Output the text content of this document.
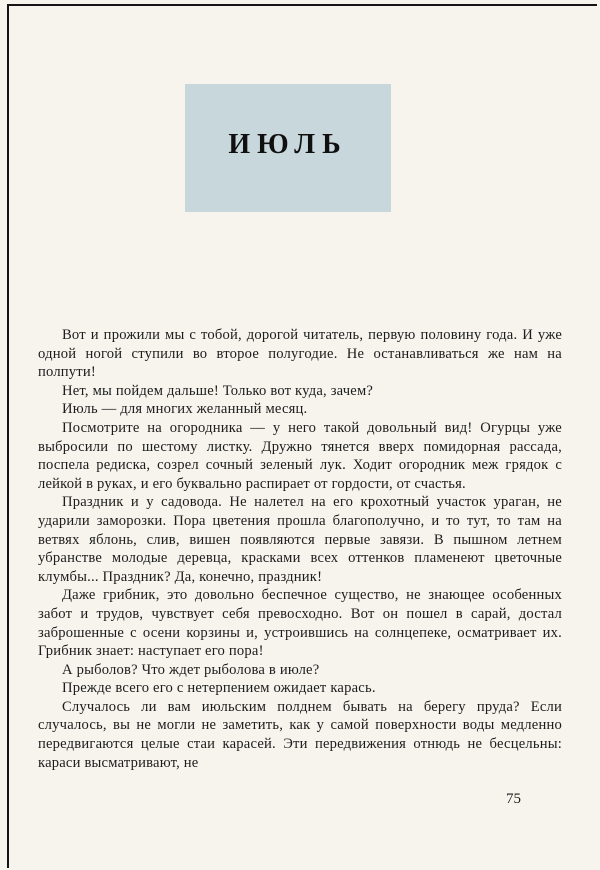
ИЮЛЬ

Вот и прожили мы с тобой, дорогой читатель, первую половину года. И уже одной ногой ступили во второе полугодие. Не останавливаться же нам на полпути!

Нет, мы пойдем дальше! Только вот куда, зачем?

Июль — для многих желанный месяц.

Посмотрите на огородника — у него такой довольный вид! Огурцы уже выбросили по шестому листку. Дружно тянется вверх помидорная рассада, поспела редиска, созрел сочный зеленый лук. Ходит огородник меж грядок с лейкой в руках, и его буквально распирает от гордости, от счастья.

Праздник и у садовода. Не налетел на его крохотный участок ураган, не ударили заморозки. Пора цветения прошла благополучно, и то тут, то там на ветвях яблонь, слив, вишен появляются первые завязи. В пышном летнем убранстве молодые деревца, красками всех оттенков пламенеют цветочные клумбы... Праздник? Да, конечно, праздник!

Даже грибник, это довольно беспечное существо, не знающее особенных забот и трудов, чувствует себя превосходно. Вот он пошел в сарай, достал заброшенные с осени корзины и, устроившись на солнцепеке, осматривает их. Грибник знает: наступает его пора!

А рыболов? Что ждет рыболова в июле?

Прежде всего его с нетерпением ожидает карась.

Случалось ли вам июльским полднем бывать на берегу пруда? Если случалось, вы не могли не заметить, как у самой поверхности воды медленно передвигаются целые стаи карасей. Эти передвижения отнюдь не бесцельны: караси высматривают, не

75
